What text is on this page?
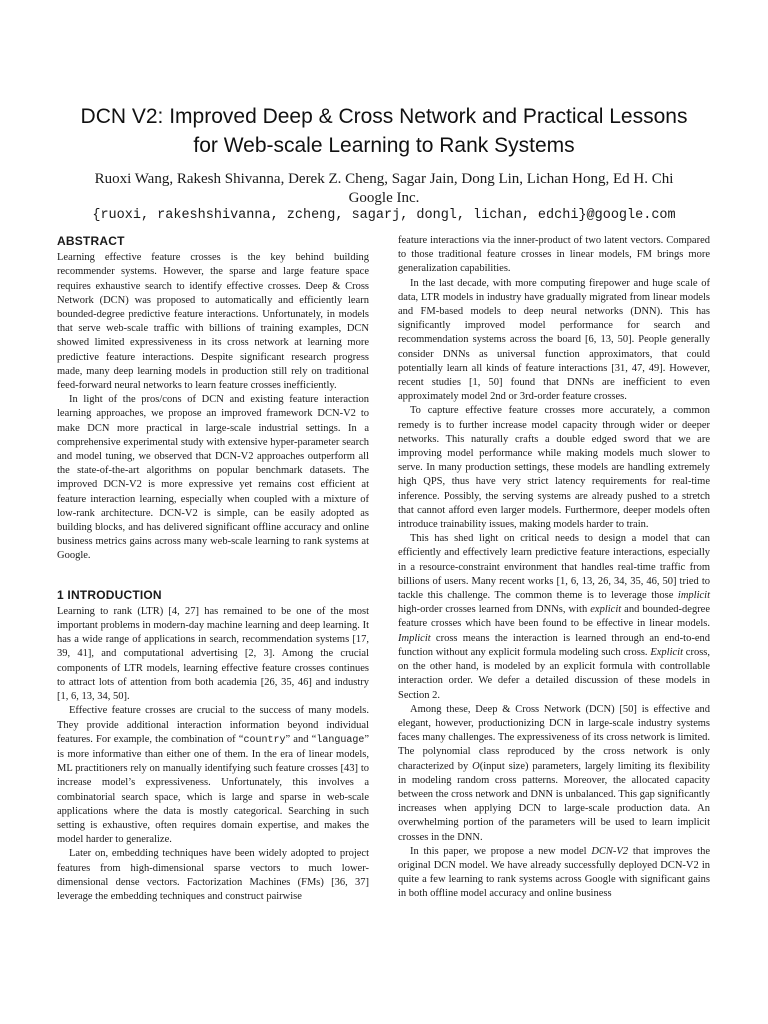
DCN V2: Improved Deep & Cross Network and Practical Lessons
for Web-scale Learning to Rank Systems
Ruoxi Wang, Rakesh Shivanna, Derek Z. Cheng, Sagar Jain, Dong Lin, Lichan Hong, Ed H. Chi
Google Inc.
{ruoxi, rakeshshivanna, zcheng, sagarj, dongl, lichan, edchi}@google.com
ABSTRACT

Learning effective feature crosses is the key behind building recommender systems. However, the sparse and large feature space requires exhaustive search to identify effective crosses. Deep & Cross Network (DCN) was proposed to automatically and efficiently learn bounded-degree predictive feature interactions. Unfortunately, in models that serve web-scale traffic with billions of training examples, DCN showed limited expressiveness in its cross network at learning more predictive feature interactions. Despite significant research progress made, many deep learning models in production still rely on traditional feed-forward neural networks to learn feature crosses inefficiently.

In light of the pros/cons of DCN and existing feature interaction learning approaches, we propose an improved framework DCN-V2 to make DCN more practical in large-scale industrial settings. In a comprehensive experimental study with extensive hyper-parameter search and model tuning, we observed that DCN-V2 approaches outperform all the state-of-the-art algorithms on popular benchmark datasets. The improved DCN-V2 is more expressive yet remains cost efficient at feature interaction learning, especially when coupled with a mixture of low-rank architecture. DCN-V2 is simple, can be easily adopted as building blocks, and has delivered significant offline accuracy and online business metrics gains across many web-scale learning to rank systems at Google.

1 INTRODUCTION

Learning to rank (LTR) [4, 27] has remained to be one of the most important problems in modern-day machine learning and deep learning. It has a wide range of applications in search, recommendation systems [17, 39, 41], and computational advertising [2, 3]. Among the crucial components of LTR models, learning effective feature crosses continues to attract lots of attention from both academia [26, 35, 46] and industry [1, 6, 13, 34, 50].

Effective feature crosses are crucial to the success of many models. They provide additional interaction information beyond individual features. For example, the combination of “country” and “language” is more informative than either one of them. In the era of linear models, ML practitioners rely on manually identifying such feature crosses [43] to increase model’s expressiveness. Unfortunately, this involves a combinatorial search space, which is large and sparse in web-scale applications where the data is mostly categorical. Searching in such setting is exhaustive, often requires domain expertise, and makes the model harder to generalize.

Later on, embedding techniques have been widely adopted to project features from high-dimensional sparse vectors to much lower-dimensional dense vectors. Factorization Machines (FMs) [36, 37] leverage the embedding techniques and construct pairwise

feature interactions via the inner-product of two latent vectors. Compared to those traditional feature crosses in linear models, FM brings more generalization capabilities.

In the last decade, with more computing firepower and huge scale of data, LTR models in industry have gradually migrated from linear models and FM-based models to deep neural networks (DNN). This has significantly improved model performance for search and recommendation systems across the board [6, 13, 50]. People generally consider DNNs as universal function approximators, that could potentially learn all kinds of feature interactions [31, 47, 49]. However, recent studies [1, 50] found that DNNs are inefficient to even approximately model 2nd or 3rd-order feature crosses.

To capture effective feature crosses more accurately, a common remedy is to further increase model capacity through wider or deeper networks. This naturally crafts a double edged sword that we are improving model performance while making models much slower to serve. In many production settings, these models are handling extremely high QPS, thus have very strict latency requirements for real-time inference. Possibly, the serving systems are already pushed to a stretch that cannot afford even larger models. Furthermore, deeper models often introduce trainability issues, making models harder to train.

This has shed light on critical needs to design a model that can efficiently and effectively learn predictive feature interactions, especially in a resource-constraint environment that handles real-time traffic from billions of users. Many recent works [1, 6, 13, 26, 34, 35, 46, 50] tried to tackle this challenge. The common theme is to leverage those implicit high-order crosses learned from DNNs, with explicit and bounded-degree feature crosses which have been found to be effective in linear models. Implicit cross means the interaction is learned through an end-to-end function without any explicit formula modeling such cross. Explicit cross, on the other hand, is modeled by an explicit formula with controllable interaction order. We defer a detailed discussion of these models in Section 2.

Among these, Deep & Cross Network (DCN) [50] is effective and elegant, however, productionizing DCN in large-scale industry systems faces many challenges. The expressiveness of its cross network is limited. The polynomial class reproduced by the cross network is only characterized by O(input size) parameters, largely limiting its flexibility in modeling random cross patterns. Moreover, the allocated capacity between the cross network and DNN is unbalanced. This gap significantly increases when applying DCN to large-scale production data. An overwhelming portion of the parameters will be used to learn implicit crosses in the DNN.

In this paper, we propose a new model DCN-V2 that improves the original DCN model. We have already successfully deployed DCN-V2 in quite a few learning to rank systems across Google with significant gains in both offline model accuracy and online business
